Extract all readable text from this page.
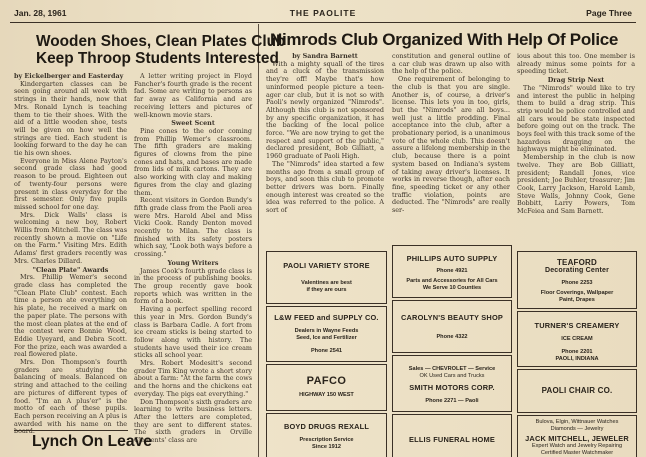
Jan. 28, 1961	THE PAOLITE	Page Three
Wooden Shoes, Clean Plates Club
Keep Throop Students Interested

by Eickelberger and Easterday

Kindergarten classes can be seen going around all week with strings in their hands, now that Mrs. Ronald Lynch is teaching them to tie their shoes. With the aid of a little wooden shoe, tests will be given on how well the strings are tied. Each student is looking forward to the day he can tie his own shoes.

Everyone in Miss Alene Payton's second grade class had good reason to be proud. Eighteen out of twenty-four persons were present in class everyday for the first semester. Only five pupils missed school for one day.

Mrs. Dick Walls' class is welcoming a new boy, Robert Willis from Mitchell. The class was recently shown a movie on "Life on the Farm." Visiting Mrs. Edith Adams' first graders recently was Mrs. Charles Dillard.

"Clean Plate" Awards

Mrs. Phillip Wemer's second grade class has completed the "Clean Plate Club" contest. Each time a person ate everything on his plate, he received a mark on the paper plate. The persons with the most clean plates at the end of the contest were Bonnie Wood, Eddie Uyeyard, and Debra Scott. For the prize, each was awarded a real flowered plate.

Mrs. Don Thompson's fourth graders are studying the balancing of meals. Balanced on string and attached to the ceiling are pictures of different types of food. "I'm an A plus'er" is the motto of each of these pupils. Each person receiving an A plus is awarded with his name on the board.

A letter writing project in Floyd Fancher's fourth grade is the recent fad. Some are writing to persons as far away as California and are receiving letters and pictures of well-known movie stars.

Sweet Scent

Pine cones to the odor coming from Phillip Wemer's classroom. The fifth graders are making figures of clowns from the pine cones and hats, and bases are made from lids of milk cartons. They are also working with clay and making figures from the clay and glazing them.

Recent visitors in Gordon Bundy's fifth grade class from the Paoli area were Mrs. Harold Abel and Miss Vicki Cook. Randy Denton moved recently to Milan. The class is finished with its safety posters which say, "Look both ways before a crossing."

Young Writers

James Cook's fourth grade class is in the process of publishing books. The group recently gave book reports which was written in the form of a book.

Having a perfect spelling record this year in Mrs. Gordon Bundy's class is Barbara Cadle. A fort from ice cream sticks is being started to follow along with history. The students have used their ice cream sticks all school year.

Mrs. Robert Modesitt's second grader Tim King wrote a short story about a farm: "At the farm the cows and the horns and the chickens eat everyday. The pigs eat everything."

Don Thompson's sixth graders are learning to write business letters. After the letters are completed, they are sent to different states. The sixth graders in Orville Clements' class are

Lynch On Leave
Nimrods Club Organized With Help Of Police

by Sandra Barnett

With a mighty squall of the tires and a cluck of the transmission they're off! Maybe that's how uninformed people picture a teen-ager car club, but it is not so with Paoli's newly organized "Nimrods". Although this club is not sponsored by any specific organization, it has the backing of the local police force. "We are now trying to get the respect and support of the public," declared president, Bob Gilliatt, a 1960 graduate of Paoli High.

The "Nimrods" idea started a few months ago from a small group of boys, and soon this club to promote better drivers was born. Finally enough interest was created so the idea was referred to the police. A sort of

constitution and general outline of a car club was drawn up also with the help of the police.

One requirement of belonging to the club is that you are single. Another is, of course, a driver's license. This lets you in too, girls, but the "Nimrods" are all boys... well just a little prodding. Final acceptance into the club, after a probationary period, is a unanimous vote of the whole club. This doesn't assure a lifelong membership in the club, because there is a point system based on Indiana's system of taking away driver's licenses. It works in reverse though, after each fine, speeding ticket or any other traffic violation, points are deducted. The "Nimrods" are really ser-

ious about this too. One member is already minus some points for a speeding ticket.

Drag Strip Next

The "Nimrods" would like to try and interest the public in helping them to build a drag strip. This strip would be police controlled and all cars would be state inspected before going out on the track. The boys feel with this track some of the hazardous dragging on the highways might be eliminated.

Membership in the club is now twelve. They are Bob Gilliatt, president; Randall Jones, vice president; Joe Buhler, treasurer; Jim Cook, Larry Jackson, Harold Lamb, Steve Walls, Johnny Cook, Gene Bobbitt, Larry Powers, Tom McFeiea and Sam Barnett.

PAOLI VARIETY STORE
Valentines are best
if they are ours
PHILLIPS AUTO SUPPLY
Phone 4921
Parts and Accessories for All Cars
We Serve 10 Counties
TEAFORD
Decorating Center
Phone 2253
Floor Coverings, Wallpaper
Paint, Drapes
L&W FEED and SUPPLY CO.
Dealers in Wayne Feeds
Seed, Ice and Fertilizer
Phone 2541
CAROLYN'S BEAUTY SHOP
Phone 4322
TURNER'S CREAMERY
ICE CREAM
Phone 2201
PAOLI, INDIANA
PAFCO
HIGHWAY 150 WEST
Sales — CHEVROLET — Service
OK Used Cars and Trucks
SMITH MOTORS CORP.
Phone 2271 — Paoli
PAOLI CHAIR CO.
BOYD DRUGS REXALL
Prescription Service
Since 1912
ELLIS FUNERAL HOME
Bulova, Elgin, Wittnauer Watches
Diamonds — Jewelry
JACK MITCHELL, JEWELER
Expert Watch and Jewelry Repairing
Certified Master Watchmaker
